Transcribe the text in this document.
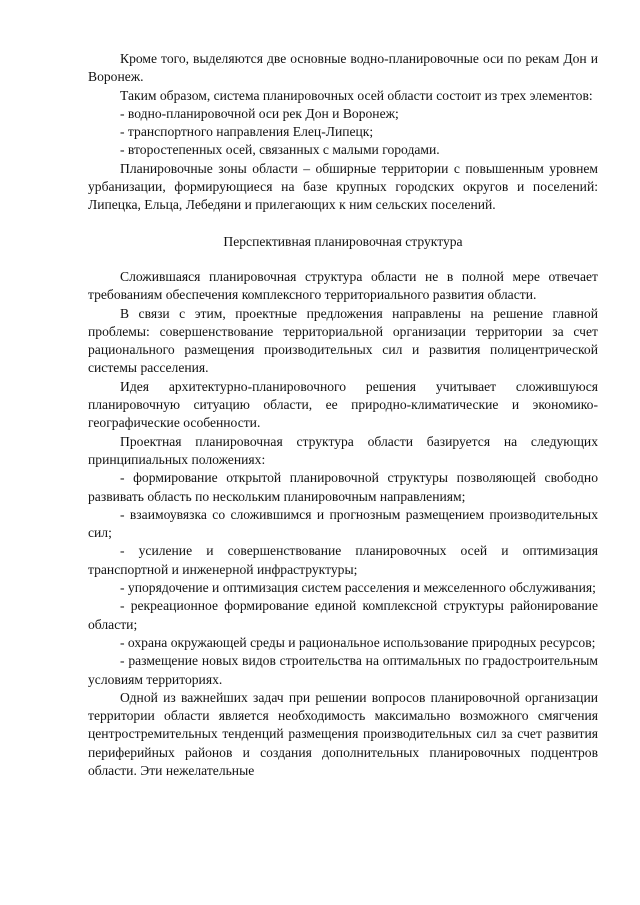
Кроме того, выделяются две основные водно-планировочные оси по рекам Дон и Воронеж.

Таким образом, система планировочных осей области состоит из трех элементов:

- водно-планировочной оси рек Дон и Воронеж;

- транспортного направления Елец-Липецк;

- второстепенных осей, связанных с малыми городами.

Планировочные зоны области – обширные территории с повышенным уровнем урбанизации, формирующиеся на базе крупных городских округов и поселений: Липецка, Ельца, Лебедяни и прилегающих к ним сельских поселений.

Перспективная планировочная структура

Сложившаяся планировочная структура области не в полной мере отвечает требованиям обеспечения комплексного территориального развития области.

В связи с этим, проектные предложения направлены на решение главной проблемы: совершенствование территориальной организации территории за счет рационального размещения производительных сил и развития полицентрической системы расселения.

Идея архитектурно-планировочного решения учитывает сложившуюся планировочную ситуацию области, ее природно-климатические и экономико-географические особенности.

Проектная планировочная структура области базируется на следующих принципиальных положениях:

- формирование открытой планировочной структуры позволяющей свободно развивать область по нескольким планировочным направлениям;

- взаимоувязка со сложившимся и прогнозным размещением производительных сил;

- усиление и совершенствование планировочных осей и оптимизация транспортной и инженерной инфраструктуры;

- упорядочение и оптимизация систем расселения и межселенного обслуживания;

- рекреационное формирование единой комплексной структуры районирование области;

- охрана окружающей среды и рациональное использование природных ресурсов;

- размещение новых видов строительства на оптимальных по градостроительным условиям территориях.

Одной из важнейших задач при решении вопросов планировочной организации территории области является необходимость максимально возможного смягчения центростремительных тенденций размещения производительных сил за счет развития периферийных районов и создания дополнительных планировочных подцентров области. Эти нежелательные
